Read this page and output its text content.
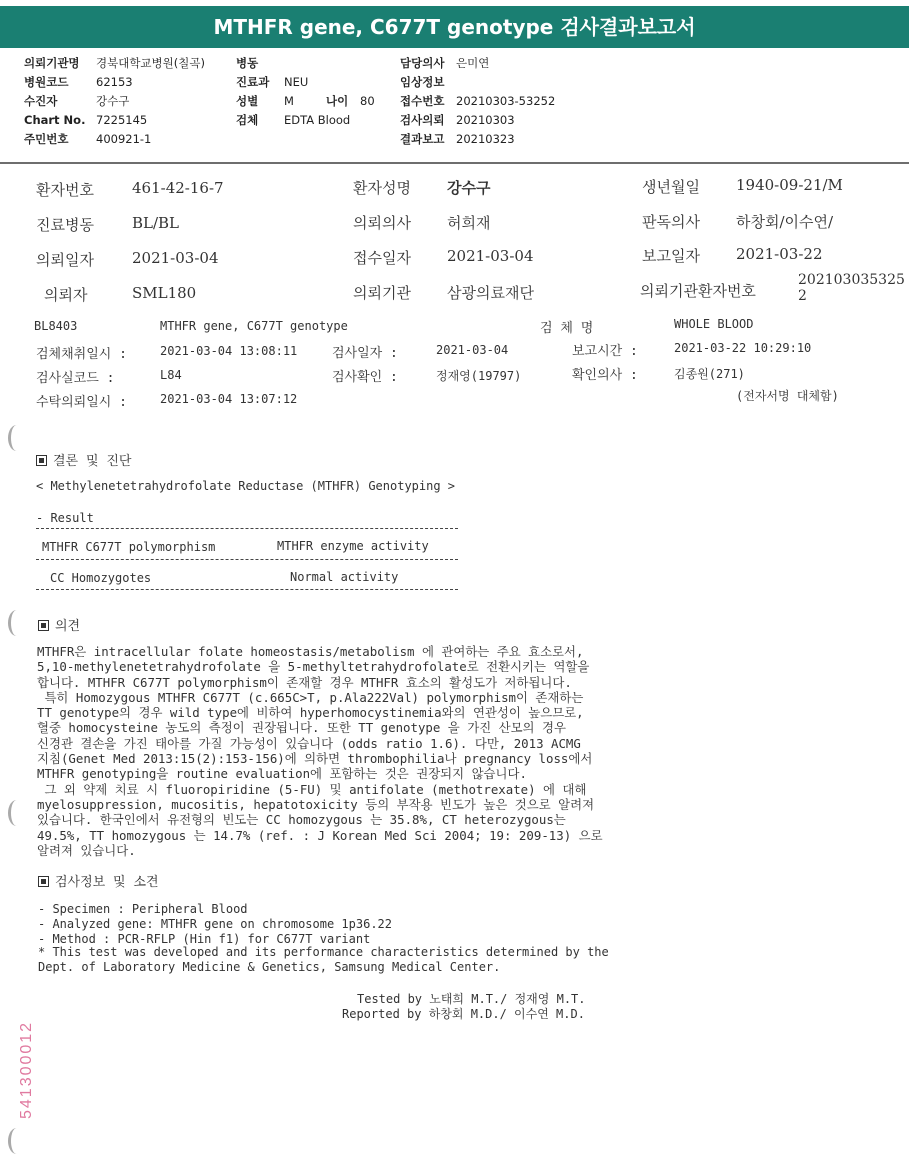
MTHFR gene, C677T genotype 검사결과보고서
의뢰기관명 경북대학교병원(칠곡)
병원코드 62153
수진자	강수구
Chart No. 7225145
주민번호 400921-1
병동
진료과 NEU
성별 M	나이 80
검체 EDTA Blood
담당의사 은미연
임상정보
접수번호 20210303-53252
검사의뢰 20210303
결과보고 20210323
환자번호	461-42-16-7	환자성명 강수구	생년월일 1940-09-21/M
진료병동	BL/BL	의뢰의사 허희재	판독의사 하창회/이수연/
의뢰일자	2021-03-04	접수일자 2021-03-04	보고일자 2021-03-22
의뢰자	SML180	의뢰기관 삼광의료재단	의뢰기관환자번호
202103035325
2
BL8403	MTHFR gene, C677T genotype	검 체 명	WHOLE BLOOD
검체채취일시 :	2021-03-04 13:08:11	검사일자 :	2021-03-04	보고시간 :	2021-03-22 10:29:10
검사실코드 :	L84	검사확인 :	정재영(19797)	확인의사 :	김종원(271)
수탁의뢰일시 :	2021-03-04 13:07:12	(전자서명 대체함)
결론 및 진단
< Methylenetetrahydrofolate Reductase (MTHFR) Genotyping >
- Result
MTHFR C677T polymorphism	MTHFR enzyme activity
CC Homozygotes	Normal activity
의견
MTHFR은 intracellular folate homeostasis/metabolism 에 관여하는 주요 효소로서,
5,10-methylenetetrahydrofolate 을 5-methyltetrahydrofolate로 전환시키는 역할을
합니다. MTHFR C677T polymorphism이 존재할 경우 MTHFR 효소의 활성도가 저하됩니다.
특히 Homozygous MTHFR C677T (c.665C>T, p.Ala222Val) polymorphism이 존재하는
TT genotype의 경우 wild type에 비하여 hyperhomocystinemia와의 연관성이 높으므로,
혈중 homocysteine 농도의 측정이 권장됩니다. 또한 TT genotype 을 가진 산모의 경우
신경관 결손을 가진 태아를 가질 가능성이 있습니다 (odds ratio 1.6). 다만, 2013 ACMG
지침(Genet Med 2013:15(2):153-156)에 의하면 thrombophilia나 pregnancy loss에서
MTHFR genotyping을 routine evaluation에 포함하는 것은 권장되지 않습니다.
그 외 약제 치료 시 fluoropiridine (5-FU) 및 antifolate (methotrexate) 에 대해
myelosuppression, mucositis, hepatotoxicity 등의 부작용 빈도가 높은 것으로 알려져
있습니다. 한국인에서 유전형의 빈도는 CC homozygous 는 35.8%, CT heterozygous는
49.5%, TT homozygous 는 14.7% (ref. : J Korean Med Sci 2004; 19: 209-13) 으로
알려져 있습니다.
검사정보 및 소견
- Specimen : Peripheral Blood
- Analyzed gene: MTHFR gene on chromosome 1p36.22
- Method : PCR-RFLP (Hin f1) for C677T variant
* This test was developed and its performance characteristics determined by the
Dept. of Laboratory Medicine & Genetics, Samsung Medical Center.
Tested by 노태희 M.T./ 정재영 M.T.
Reported by 하창회 M.D./ 이수연 M.D.
541300012
